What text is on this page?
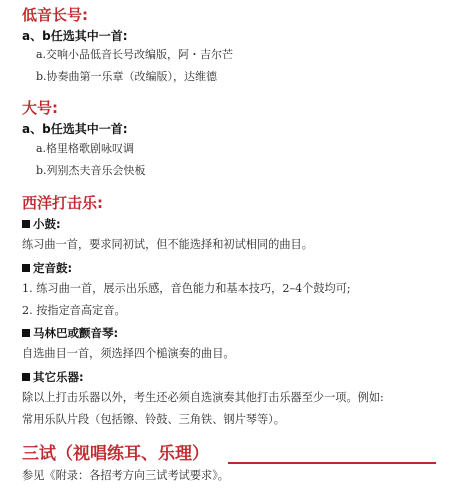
低音长号:
a、b任选其中一首:
a.交响小品低音长号改编版，阿・吉尔芒
b.协奏曲第一乐章（改编版），达维德
大号:
a、b任选其中一首:
a.格里格歌剧咏叹调
b.列别杰夫音乐会快板
西洋打击乐:
小鼓:
练习曲一首，要求同初试，但不能选择和初试相同的曲目。
定音鼓:
1. 练习曲一首，展示出乐感，音色能力和基本技巧，2–4个鼓均可;
2. 按指定音高定音。
马林巴或颤音琴:
自选曲目一首，须选择四个槌演奏的曲目。
其它乐器:
除以上打击乐器以外，考生还必须自选演奏其他打击乐器至少一项。例如:
常用乐队片段（包括镲、铃鼓、三角铁、钢片琴等）。
三试（视唱练耳、乐理）
参见《附录：各招考方向三试考试要求》。
